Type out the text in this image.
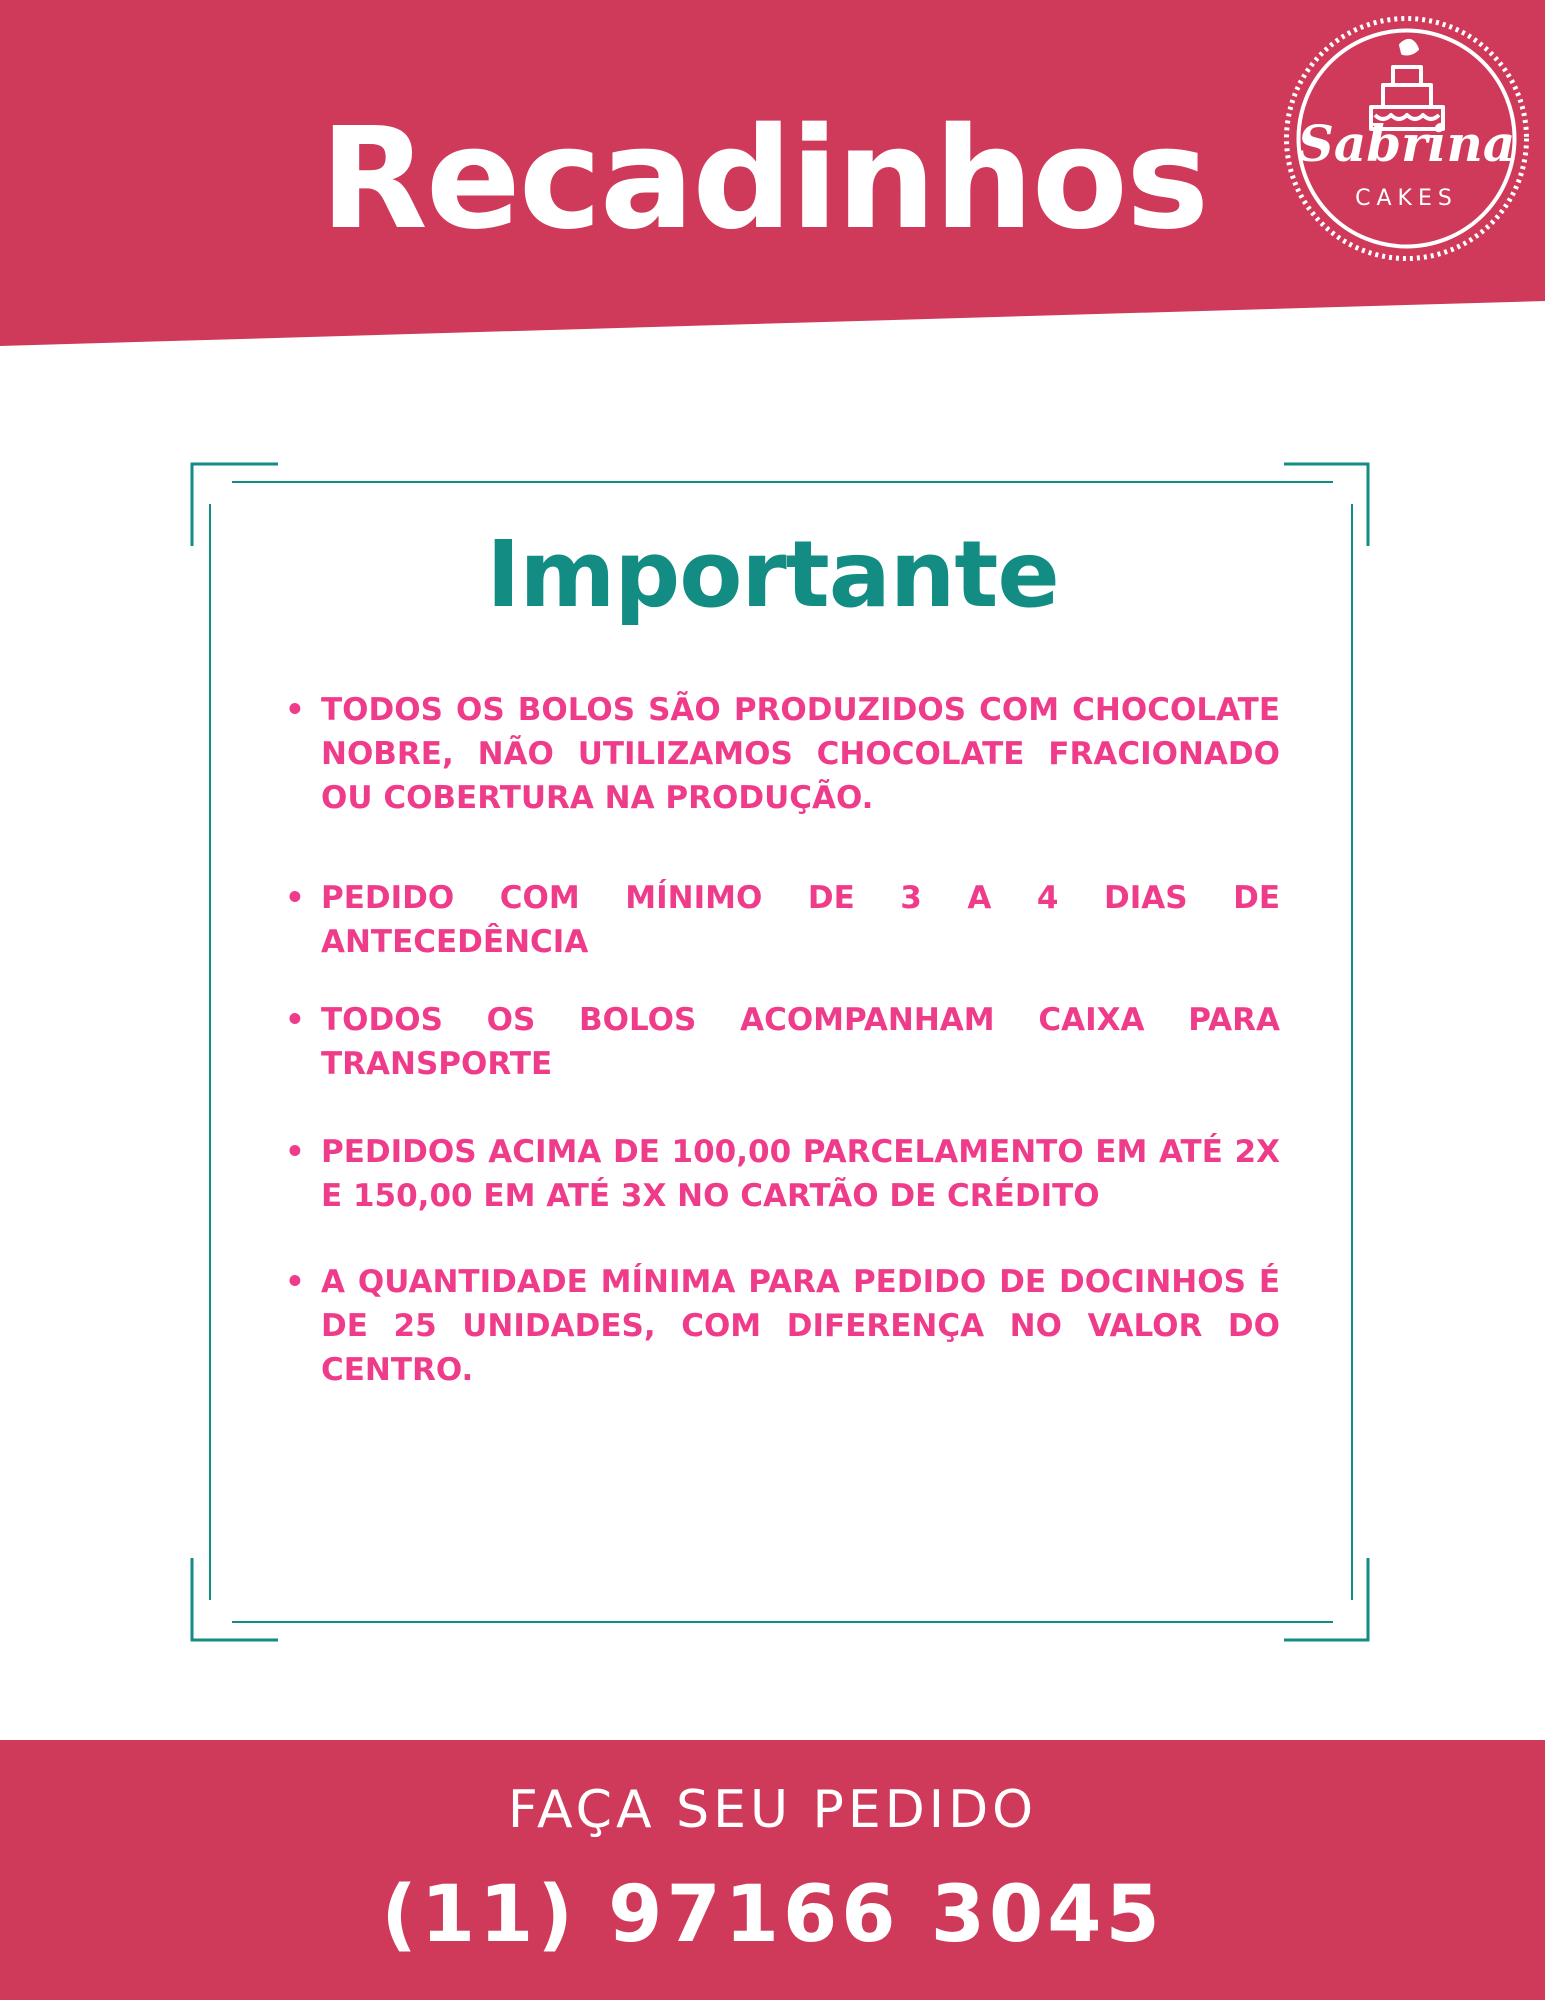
Recadinhos Sabrina
CAKES
Importante
• TODOS OS BOLOS SÃO PRODUZIDOS COM CHOCOLATE NOBRE, NÃO UTILIZAMOS CHOCOLATE FRACIONADO OU COBERTURA NA PRODUÇÃO.
• PEDIDO COM MÍNIMO DE 3 A 4 DIAS DE ANTECEDÊNCIA
• TODOS OS BOLOS ACOMPANHAM CAIXA PARA TRANSPORTE
• PEDIDOS ACIMA DE 100,00 PARCELAMENTO EM ATÉ 2X E 150,00 EM ATÉ 3X NO CARTÃO DE CRÉDITO
• A QUANTIDADE MÍNIMA PARA PEDIDO DE DOCINHOS É DE 25 UNIDADES, COM DIFERENÇA NO VALOR DO CENTRO.
FAÇA SEU PEDIDO
(11) 97166 3045
